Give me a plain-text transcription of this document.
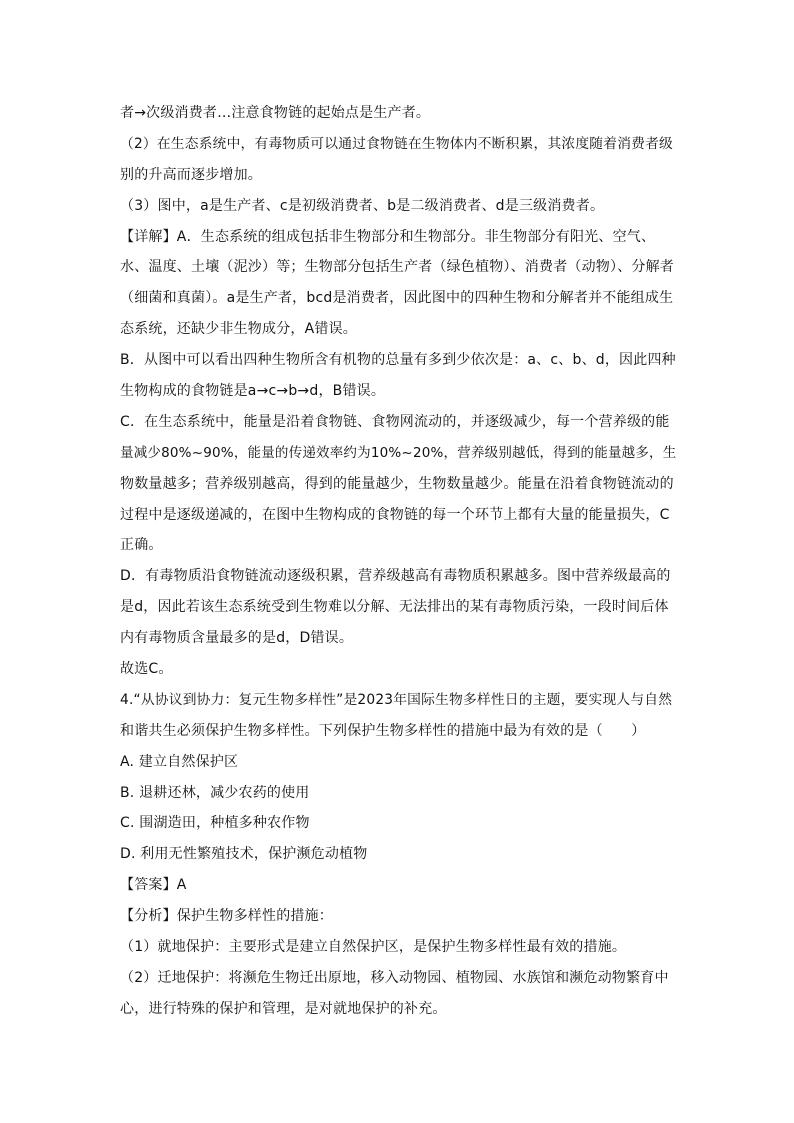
者→次级消费者…注意食物链的起始点是生产者。
（2）在生态系统中，有毒物质可以通过食物链在生物体内不断积累，其浓度随着消费者级
别的升高而逐步增加。
（3）图中，a是生产者、c是初级消费者、b是二级消费者、d是三级消费者。
【详解】A．生态系统的组成包括非生物部分和生物部分。非生物部分有阳光、空气、
水、温度、土壤（泥沙）等；生物部分包括生产者（绿色植物）、消费者（动物）、分解者
（细菌和真菌）。a是生产者，bcd是消费者，因此图中的四种生物和分解者并不能组成生
态系统，还缺少非生物成分，A错误。
B．从图中可以看出四种生物所含有机物的总量有多到少依次是：a、c、b、d，因此四种
生物构成的食物链是a→c→b→d，B错误。
C．在生态系统中，能量是沿着食物链、食物网流动的，并逐级减少，每一个营养级的能
量减少80%~90%，能量的传递效率约为10%~20%，营养级别越低，得到的能量越多，生
物数量越多；营养级别越高，得到的能量越少，生物数量越少。能量在沿着食物链流动的
过程中是逐级递减的，在图中生物构成的食物链的每一个环节上都有大量的能量损失，C
正确。
D．有毒物质沿食物链流动逐级积累，营养级越高有毒物质积累越多。图中营养级最高的
是d，因此若该生态系统受到生物难以分解、无法排出的某有毒物质污染，一段时间后体
内有毒物质含量最多的是d，D错误。
故选C。
4.“从协议到协力：复元生物多样性”是2023年国际生物多样性日的主题，要实现人与自然
和谐共生必须保护生物多样性。下列保护生物多样性的措施中最为有效的是（　　）
A. 建立自然保护区
B. 退耕还林，减少农药的使用
C. 围湖造田，种植多种农作物
D. 利用无性繁殖技术，保护濒危动植物
【答案】A
【分析】保护生物多样性的措施：
（1）就地保护：主要形式是建立自然保护区，是保护生物多样性最有效的措施。
（2）迁地保护：将濒危生物迁出原地，移入动物园、植物园、水族馆和濒危动物繁育中
心，进行特殊的保护和管理，是对就地保护的补充。
